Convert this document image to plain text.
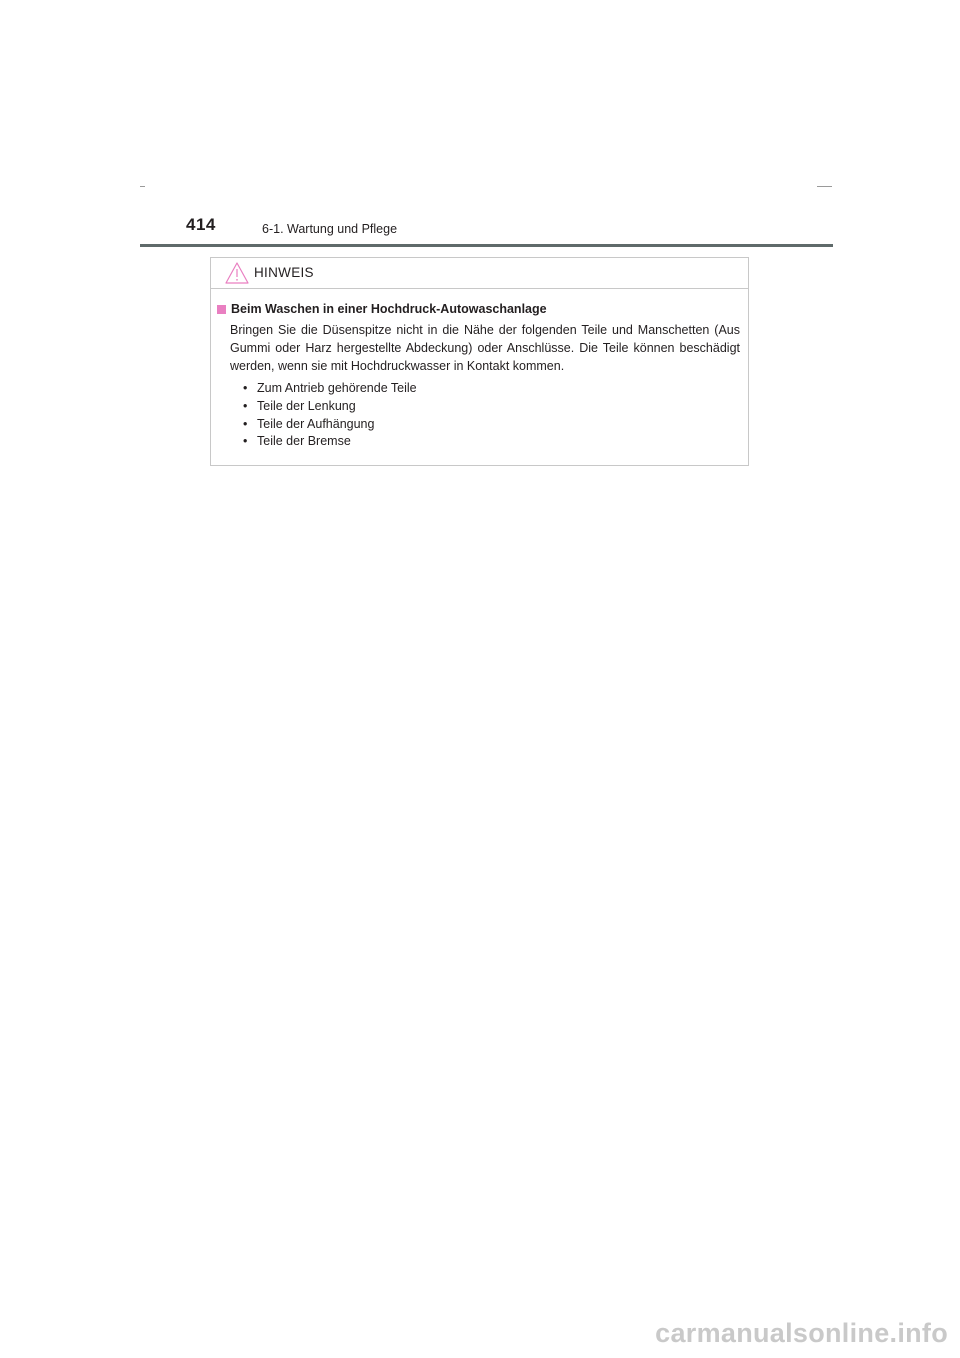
414	6-1. Wartung und Pflege
HINWEIS
Beim Waschen in einer Hochdruck-Autowaschanlage
Bringen Sie die Düsenspitze nicht in die Nähe der folgenden Teile und Manschetten (Aus Gummi oder Harz hergestellte Abdeckung) oder Anschlüsse. Die Teile können beschädigt werden, wenn sie mit Hochdruckwasser in Kontakt kommen.
• Zum Antrieb gehörende Teile
• Teile der Lenkung
• Teile der Aufhängung
• Teile der Bremse
carmanualsonline.info
